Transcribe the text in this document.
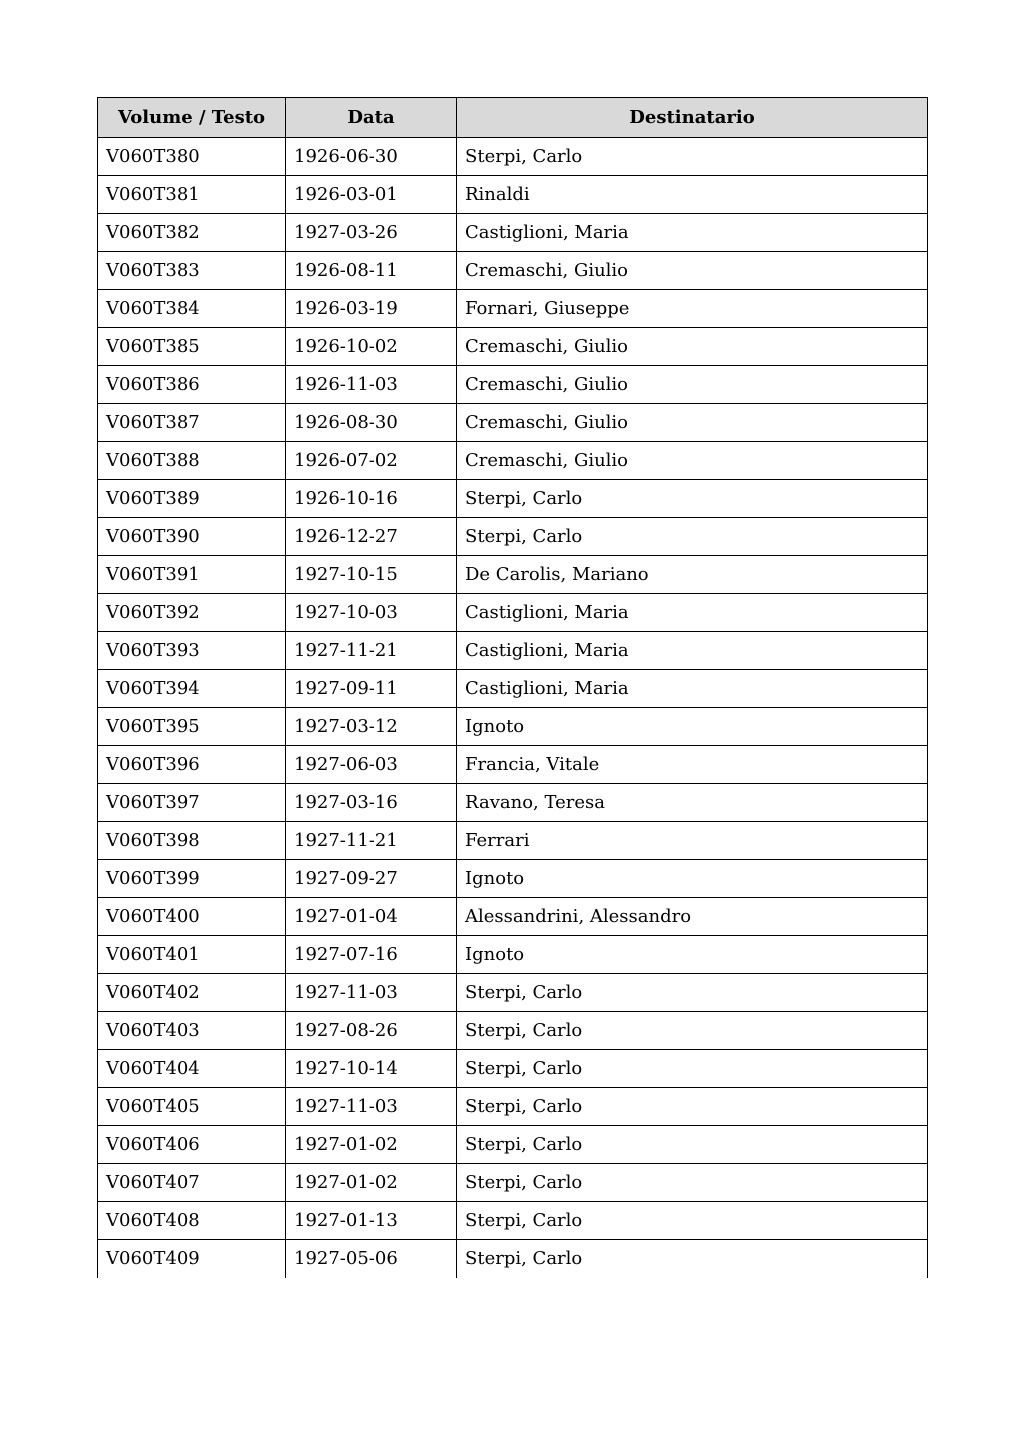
Volume / Testo	Data	Destinatario
V060T380	1926-06-30	Sterpi, Carlo
V060T381	1926-03-01	Rinaldi
V060T382	1927-03-26	Castiglioni, Maria
V060T383	1926-08-11	Cremaschi, Giulio
V060T384	1926-03-19	Fornari, Giuseppe
V060T385	1926-10-02	Cremaschi, Giulio
V060T386	1926-11-03	Cremaschi, Giulio
V060T387	1926-08-30	Cremaschi, Giulio
V060T388	1926-07-02	Cremaschi, Giulio
V060T389	1926-10-16	Sterpi, Carlo
V060T390	1926-12-27	Sterpi, Carlo
V060T391	1927-10-15	De Carolis, Mariano
V060T392	1927-10-03	Castiglioni, Maria
V060T393	1927-11-21	Castiglioni, Maria
V060T394	1927-09-11	Castiglioni, Maria
V060T395	1927-03-12	Ignoto
V060T396	1927-06-03	Francia, Vitale
V060T397	1927-03-16	Ravano, Teresa
V060T398	1927-11-21	Ferrari
V060T399	1927-09-27	Ignoto
V060T400	1927-01-04	Alessandrini, Alessandro
V060T401	1927-07-16	Ignoto
V060T402	1927-11-03	Sterpi, Carlo
V060T403	1927-08-26	Sterpi, Carlo
V060T404	1927-10-14	Sterpi, Carlo
V060T405	1927-11-03	Sterpi, Carlo
V060T406	1927-01-02	Sterpi, Carlo
V060T407	1927-01-02	Sterpi, Carlo
V060T408	1927-01-13	Sterpi, Carlo
V060T409	1927-05-06	Sterpi, Carlo
